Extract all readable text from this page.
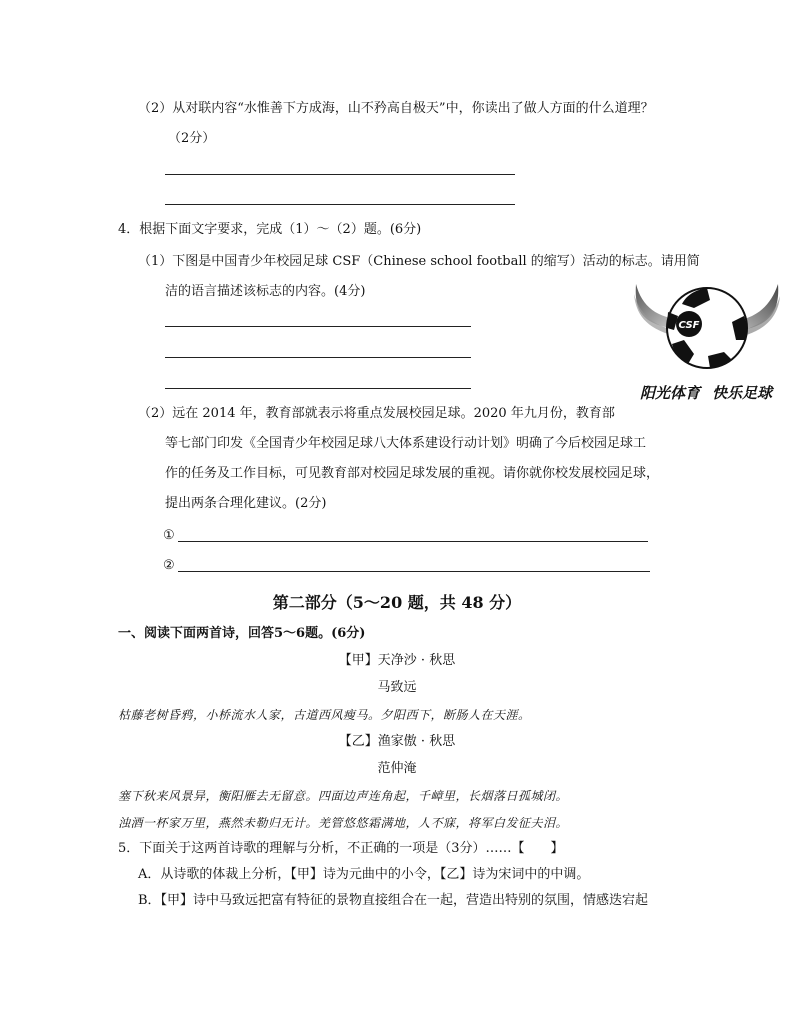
（2）从对联内容“水惟善下方成海，山不矜高自极天”中，你读出了做人方面的什么道理？
（2分）
4．根据下面文字要求，完成（1）～（2）题。(6分)
（1）下图是中国青少年校园足球 CSF（Chinese school football 的缩写）活动的标志。请用简
洁的语言描述该标志的内容。(4分)
CSF
阳光体育 快乐足球
（2）远在 2014 年，教育部就表示将重点发展校园足球。2020 年九月份，教育部
等七部门印发《全国青少年校园足球八大体系建设行动计划》明确了今后校园足球工
作的任务及工作目标，可见教育部对校园足球发展的重视。请你就你校发展校园足球，
提出两条合理化建议。(2分)
①
②
第二部分（5～20 题，共 48 分）
一、阅读下面两首诗，回答5～6题。(6分)
【甲】天净沙 · 秋思
马致远
枯藤老树昏鸦，小桥流水人家，古道西风瘦马。夕阳西下，断肠人在天涯。
【乙】渔家傲 · 秋思
范仲淹
塞下秋来风景异，衡阳雁去无留意。四面边声连角起，千嶂里，长烟落日孤城闭。
浊酒一杯家万里，燕然未勒归无计。羌管悠悠霜满地，人不寐，将军白发征夫泪。
5．下面关于这两首诗歌的理解与分析，不正确的一项是（3分）……【　　】
A．从诗歌的体裁上分析，【甲】诗为元曲中的小令，【乙】诗为宋词中的中调。
B．【甲】诗中马致远把富有特征的景物直接组合在一起，营造出特别的氛围，情感迭宕起
